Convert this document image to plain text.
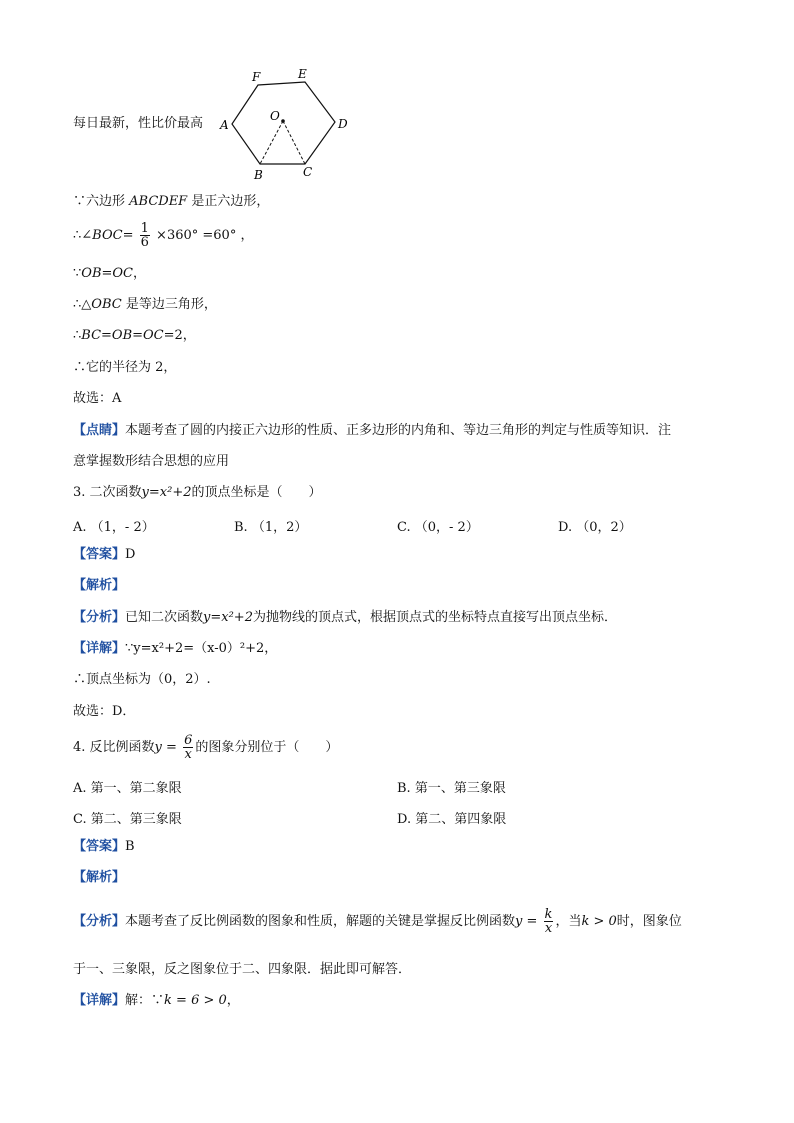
每日最新，性比价最高
F	E
O
D
A
B	C
∵六边形 ABCDEF 是正六边形，
∴∠BOC= $\frac{1}{6} \times 360^\circ =60^\circ$ ，
∵OB=OC，
∴△OBC 是等边三角形，
∴BC=OB=OC=2，
∴它的半径为 2，
故选：A
【点睛】本题考查了圆的内接正六边形的性质、正多边形的内角和、等边三角形的判定与性质等知识．注
意掌握数形结合思想的应用
3. 二次函数y=x²+2的顶点坐标是（　　）
A. （1，- 2）	B. （1，2）	C. （0，- 2）	D. （0，2）
【答案】D
【解析】
【分析】已知二次函数y=x²+2为抛物线的顶点式，根据顶点式的坐标特点直接写出顶点坐标．
【详解】∵y=x²+2=（x-0）²+2，
∴顶点坐标为（0，2）.
故选：D．
4. 反比例函数$y = \frac{6}{x}$ 的图象分别位于（　　）
A. 第一、第二象限	B. 第一、第三象限
C. 第二、第三象限	D. 第二、第四象限
【答案】B
【解析】
【分析】本题考查了反比例函数的图象和性质，解题的关键是掌握反比例函数$y = \frac{k}{x}$ ，当k > 0时，图象位
于一、三象限，反之图象位于二、四象限．据此即可解答．
【详解】解：∵k = 6 > 0，
